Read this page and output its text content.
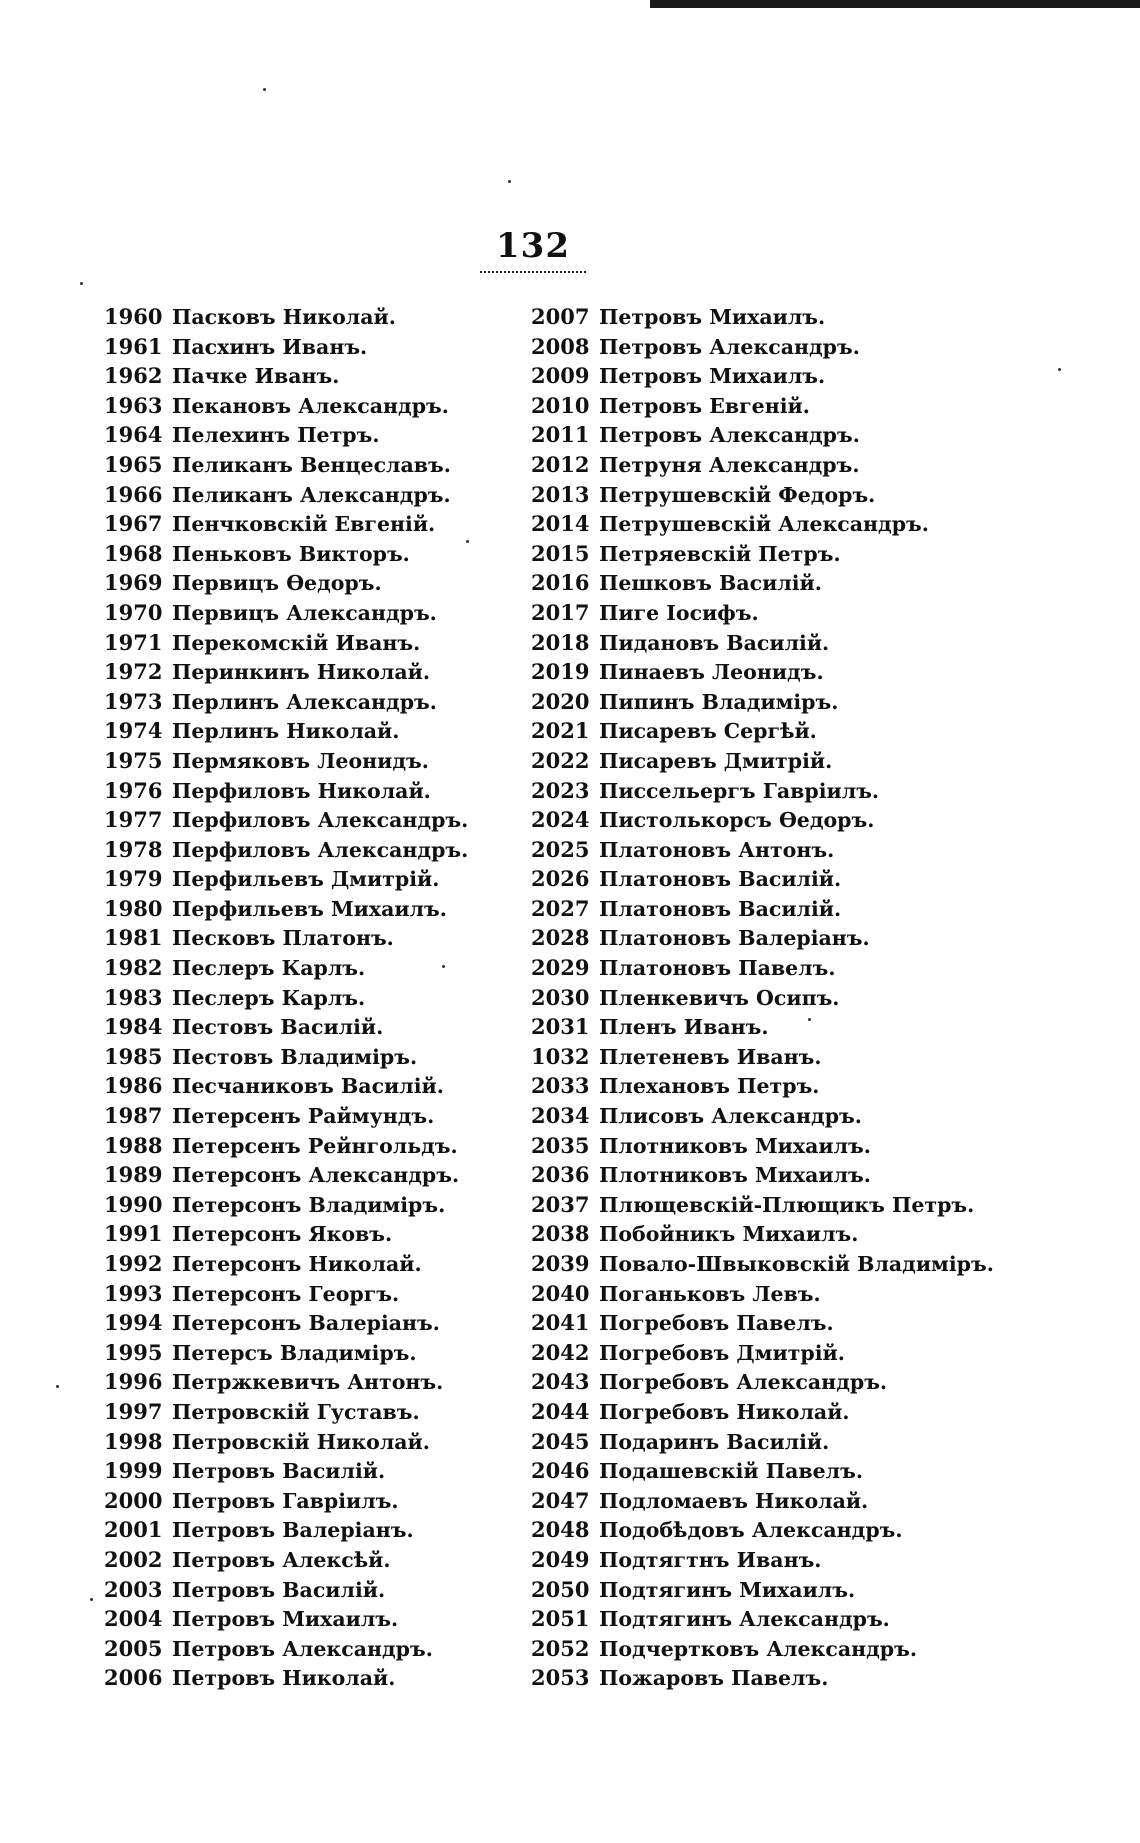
132
1960 Пасковъ Николай.
1961 Пасхинъ Иванъ.
1962 Пачке Иванъ.
1963 Пекановъ Александръ.
1964 Пелехинъ Петръ.
1965 Пеликанъ Венцеславъ.
1966 Пеликанъ Александръ.
1967 Пенчковскій Евгеній.
1968 Пеньковъ Викторъ.
1969 Первицъ Ѳедоръ.
1970 Первицъ Александръ.
1971 Перекомскій Иванъ.
1972 Перинкинъ Николай.
1973 Перлинъ Александръ.
1974 Перлинъ Николай.
1975 Пермяковъ Леонидъ.
1976 Перфиловъ Николай.
1977 Перфиловъ Александръ.
1978 Перфиловъ Александръ.
1979 Перфильевъ Дмитрій.
1980 Перфильевъ Михаилъ.
1981 Песковъ Платонъ.
1982 Песлеръ Карлъ.
1983 Песлеръ Карлъ.
1984 Пестовъ Василій.
1985 Пестовъ Владиміръ.
1986 Песчаниковъ Василій.
1987 Петерсенъ Раймундъ.
1988 Петерсенъ Рейнгольдъ.
1989 Петерсонъ Александръ.
1990 Петерсонъ Владиміръ.
1991 Петерсонъ Яковъ.
1992 Петерсонъ Николай.
1993 Петерсонъ Георгъ.
1994 Петерсонъ Валеріанъ.
1995 Петерсъ Владиміръ.
1996 Петржкевичъ Антонъ.
1997 Петровскій Густавъ.
1998 Петровскій Николай.
1999 Петровъ Василій.
2000 Петровъ Гавріилъ.
2001 Петровъ Валеріанъ.
2002 Петровъ Алексѣй.
2003 Петровъ Василій.
2004 Петровъ Михаилъ.
2005 Петровъ Александръ.
2006 Петровъ Николай.
2007 Петровъ Михаилъ.
2008 Петровъ Александръ.
2009 Петровъ Михаилъ.
2010 Петровъ Евгеній.
2011 Петровъ Александръ.
2012 Петруня Александръ.
2013 Петрушевскій Федоръ.
2014 Петрушевскій Александръ.
2015 Петряевскій Петръ.
2016 Пешковъ Василій.
2017 Пиге Іосифъ.
2018 Пидановъ Василій.
2019 Пинаевъ Леонидъ.
2020 Пипинъ Владиміръ.
2021 Писаревъ Сергѣй.
2022 Писаревъ Дмитрій.
2023 Писсельергъ Гавріилъ.
2024 Пистолькорсъ Ѳедоръ.
2025 Платоновъ Антонъ.
2026 Платоновъ Василій.
2027 Платоновъ Василій.
2028 Платоновъ Валеріанъ.
2029 Платоновъ Павелъ.
2030 Пленкевичъ Осипъ.
2031 Пленъ Иванъ.
1032 Плетеневъ Иванъ.
2033 Плехановъ Петръ.
2034 Плисовъ Александръ.
2035 Плотниковъ Михаилъ.
2036 Плотниковъ Михаилъ.
2037 Плющевскій-Плющикъ Петръ.
2038 Побойникъ Михаилъ.
2039 Повало-Швыковскій Владиміръ.
2040 Поганьковъ Левъ.
2041 Погребовъ Павелъ.
2042 Погребовъ Дмитрій.
2043 Погребовъ Александръ.
2044 Погребовъ Николай.
2045 Подаринъ Василій.
2046 Подашевскій Павелъ.
2047 Подломаевъ Николай.
2048 Подобѣдовъ Александръ.
2049 Подтягтнъ Иванъ.
2050 Подтягинъ Михаилъ.
2051 Подтягинъ Александръ.
2052 Подчертковъ Александръ.
2053 Пожаровъ Павелъ.
